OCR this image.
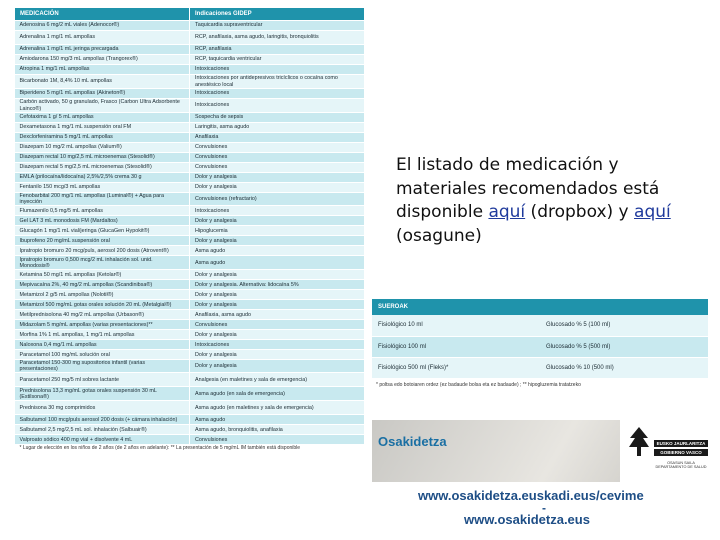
MEDICACIÓN	Indicaciones GIDEP
Adenosina 6 mg/2 mL viales (Adenocor®)	Taquicardia supraventricular
Adrenalina 1 mg/1 mL ampollas	RCP, anafilaxia, asma agudo, laringitis, bronquiolitis
Adrenalina 1 mg/1 mL jeringa precargada	RCP, anafilaxia
Amiodarona 150 mg/3 mL ampollas (Trangorex®)	RCP, taquicardia ventricular
Atropina 1 mg/1 mL ampollas	Intoxicaciones
Bicarbonato 1M, 8,4% 10 mL ampollas	Intoxicaciones por antidepresivos tricíclicos o cocaína como anestésico local
Biperideno 5 mg/1 mL ampollas (Akineton®)	Intoxicaciones
Carbón activado, 50 g granulado, Frasco (Carbon Ultra Adsorbente Lainco®)	Intoxicaciones
Cefotaxima 1 g/ 5 mL ampollas	Sospecha de sepsis
Dexametasona 1 mg/1 mL suspensión oral FM	Laringitis, asma agudo
Dexclorfeniramina 5 mg/1 mL ampollas	Anafilaxia
Diazepam 10 mg/2 mL ampollas (Valium®)	Convulsiones
Diazepam rectal 10 mg/2,5 mL microenemas (Stesolid®)	Convulsiones
Diazepam rectal 5 mg/2,5 mL microenemas (Stesolid®)	Convulsiones
EMLA (prilocaína/lidocaína) 2,5%/2,5% crema 30 g	Dolor y analgesia
Fentanilo 150 mcg/3 mL ampollas	Dolor y analgesia
Fenobarbital 200 mg/1 mL ampollas (Luminal®) + Agua para inyección	Convulsiones (refractario)
Flumazenilo 0,5 mg/5 mL ampollas	Intoxicaciones
Gel LAT 3 mL monodosis FM (Mardaltos)	Dolor y analgesia
Glucagón 1 mg/1 mL vial/jeringa (GlucaGen Hypokit®)	Hipoglucemia
Ibuprofeno 20 mg/mL suspensión oral	Dolor y analgesia
Ipratropio bromuro 20 mcg/puls, aerosol 200 dosis (Atrovent®)	Asma agudo
Ipratropio bromuro 0,500 mcg/2 mL inhalación sol. unid. Monodosis®	Asma agudo
Ketamina 50 mg/1 mL ampollas (Ketolar®)	Dolor y analgesia
Mepivacaína 2%, 40 mg/2 mL ampollas (Scandinibsa®)	Dolor y analgesia. Alternativa: lidocaína 5%
Metamizol 2 g/5 mL ampollas (Nolotil®)	Dolor y analgesia
Metamizol 500 mg/mL gotas orales solución 20 mL (Metalgial®)	Dolor y analgesia
Metilprednisolona 40 mg/2 mL ampollas (Urbason®)	Anafilaxia, asma agudo
Midazolam 5 mg/mL ampollas (varias presentaciones)**	Convulsiones
Morfina 1% 1 mL ampollas, 1 mg/1 mL ampollas	Dolor y analgesia
Naloxona 0,4 mg/1 mL ampollas	Intoxicaciones
Paracetamol 100 mg/mL solución oral	Dolor y analgesia
Paracetamol 150-300 mg supositorios infantil (varias presentaciones)	Dolor y analgesia
Paracetamol 250 mg/5 ml sobres lactante	Analgesia (en maletines y sala de emergencia)
Prednisolona 13,3 mg/mL gotas orales suspensión 30 mL (Estilsona®)	Asma agudo (en sala de emergencia)
Prednisona 30 mg comprimidos	Asma agudo (en maletines y sala de emergencia)
Salbutamol 100 mcg/puls aerosol 200 dosis (+ cámara inhalación)	Asma agudo
Salbutamol 2,5 mg/2,5 mL sol. inhalación (Salbuair®)	Asma agudo, bronquiolitis, anafilaxia
Valproato sódico 400 mg vial + disolvente 4 mL	Convulsiones
* Lugar de elección en los niños de 2 años (de 2 años en adelante): ** La presentación de 5 mg/mL IM también está disponible	
El listado de medicación y materiales recomendados está disponible aquí (dropbox) y aquí (osagune)
SUEROAK	
Fisiológico 10 ml	Glucosado % 5 (100 ml)
Fisiológico 100 ml	Glucosado % 5 (500 ml)
Fisiológico 500 ml (Fleks)*	Glucosado % 10 (500 ml)
* poltsa edo botoiaren ordez (ez badaude bolsa eta ez badaude) ; ** hipogluzemia tratatzeko
Osakidetza
www.osakidetza.euskadi.eus/cevime
-
www.osakidetza.eus
EUSKO JAURLARITZA
GOBIERNO VASCO
OSASUN SAILA DEPARTAMENTO DE SALUD
